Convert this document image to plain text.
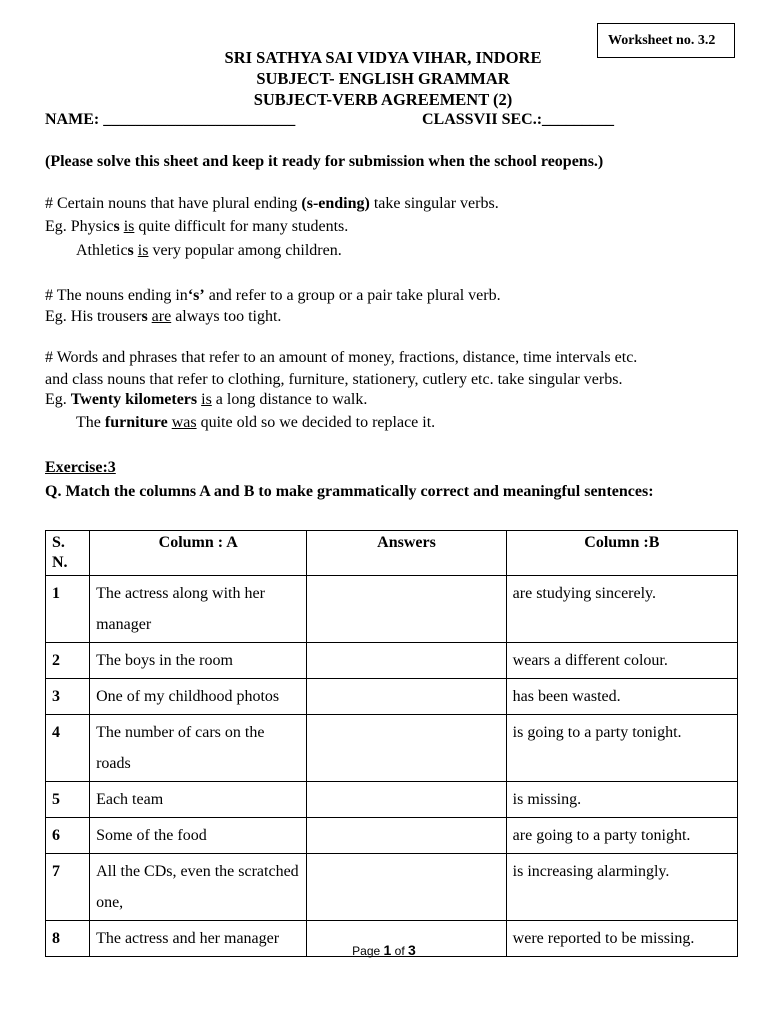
Worksheet no. 3.2
SRI SATHYA SAI VIDYA VIHAR, INDORE
SUBJECT- ENGLISH GRAMMAR
SUBJECT-VERB AGREEMENT (2)
NAME: ________________________	CLASSVII SEC.:_________
(Please solve this sheet and keep it ready for submission when the school reopens.)
# Certain nouns that have plural ending (s-ending) take singular verbs.
Eg. Physics is quite difficult for many students.
Athletics is very popular among children.
# The nouns ending in‘s’ and refer to a group or a pair take plural verb.
Eg. His trousers are always too tight.
# Words and phrases that refer to an amount of money, fractions, distance, time intervals etc.
and class nouns that refer to clothing, furniture, stationery, cutlery etc. take singular verbs.
Eg. Twenty kilometers is a long distance to walk.
The furniture was quite old so we decided to replace it.
Exercise:3
Q. Match the columns A and B to make grammatically correct and meaningful sentences:
S.
N.	Column : A	Answers	Column :B
1	The actress along with her manager		are studying sincerely.
2	The boys in the room		wears a different colour.
3	One of my childhood photos		has been wasted.
4	The number of cars on the roads		is going to a party tonight.
5	Each team		is missing.
6	Some of the food		are going to a party tonight.
7	All the CDs, even the scratched one,		is increasing alarmingly.
8	The actress and her manager		were reported to be missing.
Page 1 of 3
